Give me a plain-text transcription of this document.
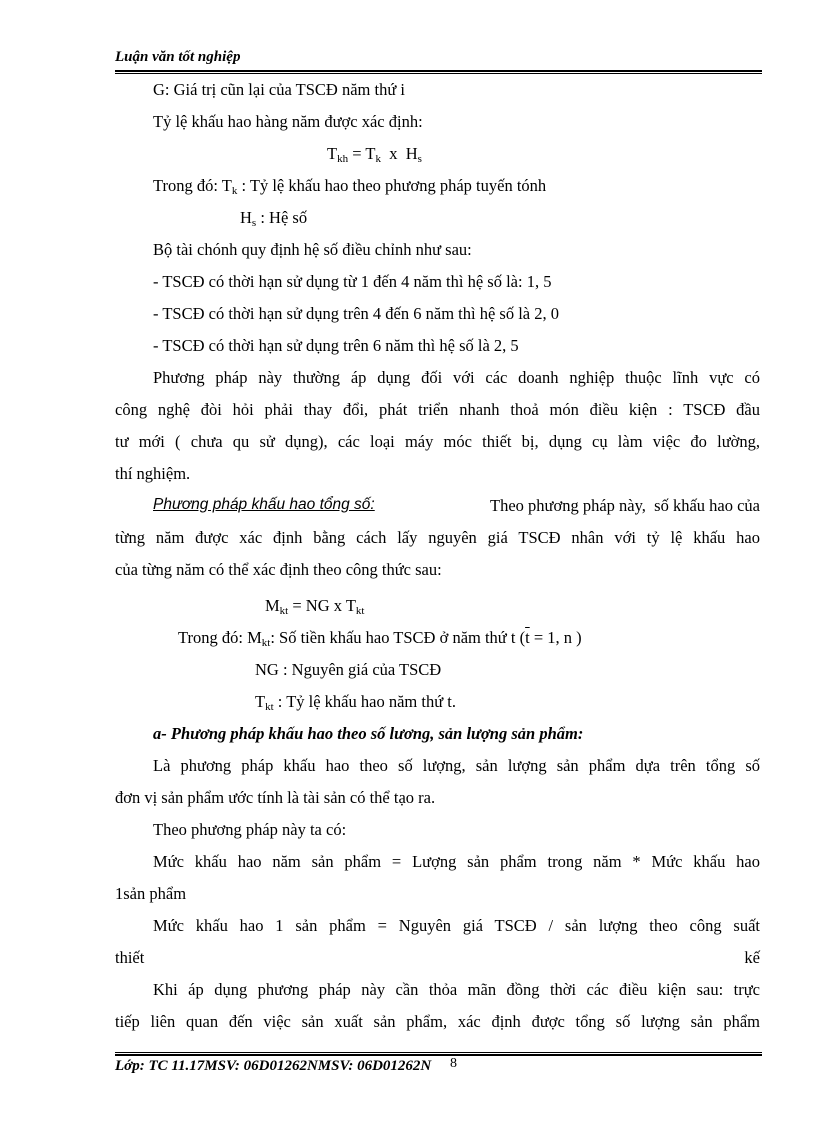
Luận văn tốt nghiệp
G: Giá trị cũn lại của TSCĐ năm thứ i
Tỷ lệ khấu hao hàng năm được xác định:
$T_{kh} = T_k$  x  $H_s$
Trong đó: $T_k$ : Tỷ lệ khấu hao theo phương pháp tuyến tónh
$H_s$ : Hệ số
Bộ tài chónh quy định hệ số điều chỉnh như sau:
- TSCĐ có thời hạn sử dụng từ 1 đến 4 năm thì hệ số là: 1, 5
- TSCĐ có thời hạn sử dụng trên 4 đến 6 năm thì hệ số là 2, 0
- TSCĐ có thời hạn sử dụng trên 6 năm thì hệ số là 2, 5
Phương pháp này thường áp dụng đối với các doanh nghiệp thuộc lĩnh vực có
công nghệ đòi hỏi phải thay đổi, phát triển nhanh thoả món điều kiện : TSCĐ đầu
tư mới ( chưa qu sử dụng), các loại máy móc thiết bị, dụng cụ làm việc đo lường,
thí nghiệm.
Phương pháp khấu hao tổng số:	Theo phương pháp này,  số khấu hao của
từng năm được xác định bằng cách lấy nguyên giá TSCĐ nhân với tỷ lệ khấu hao
của từng năm có thể xác định theo công thức sau:
$M_{kt}$ = NG x $T_{kt}$
Trong đó: $M_{kt}$: Số tiền khấu hao TSCĐ ở năm thứ t ($\overline{t} = 1$, n )
NG : Nguyên giá của TSCĐ
$T_{kt}$ : Tỷ lệ khấu hao năm thứ t.
a- Phương pháp khấu hao theo số lương, sản lượng sản phẩm:
Là phương pháp khấu hao theo số lượng, sản lượng sản phẩm dựa trên tổng số
đơn vị sản phẩm ước tính là tài sản có thể tạo ra.
Theo phương pháp này ta có:
Mức khấu hao năm sản phẩm = Lượng sản phẩm trong năm * Mức khấu hao
1sản phẩm
Mức khấu hao 1 sản phẩm = Nguyên giá TSCĐ / sản lượng theo công suất
thiết	kế
Khi áp dụng phương pháp này cần thỏa mãn đồng thời các điều kiện sau: trực
tiếp liên quan đến việc sản xuất sản phẩm, xác định được tổng số lượng sản phẩm
Lớp: TC 11.17MSV: 06D01262NMSV: 06D01262N 8
